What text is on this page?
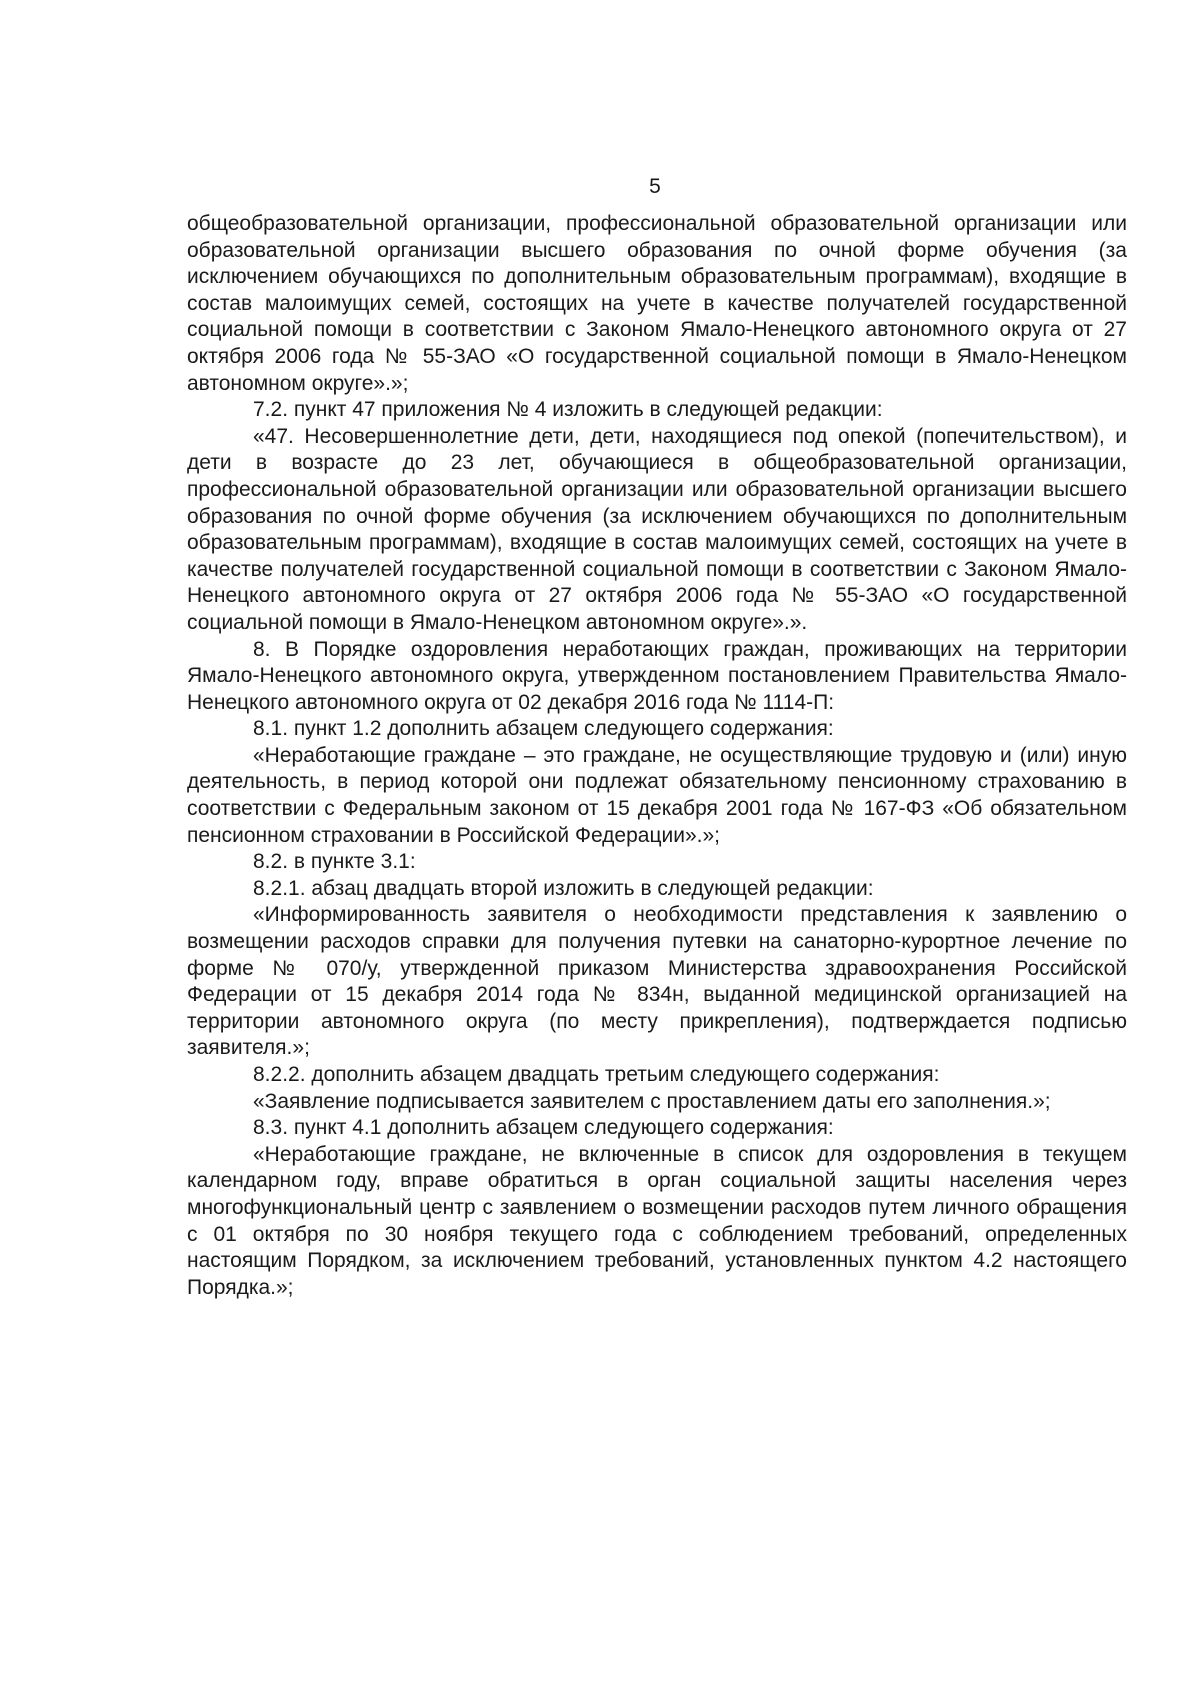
5

общеобразовательной организации, профессиональной образовательной организации или образовательной организации высшего образования по очной форме обучения (за исключением обучающихся по дополнительным образовательным программам), входящие в состав малоимущих семей, состоящих на учете в качестве получателей государственной социальной помощи в соответствии с Законом Ямало-Ненецкого автономного округа от 27 октября 2006 года № 55-ЗАО «О государственной социальной помощи в Ямало-Ненецком автономном округе».»;

7.2. пункт 47 приложения № 4 изложить в следующей редакции:

«47. Несовершеннолетние дети, дети, находящиеся под опекой (попечительством), и дети в возрасте до 23 лет, обучающиеся в общеобразовательной организации, профессиональной образовательной организации или образовательной организации высшего образования по очной форме обучения (за исключением обучающихся по дополнительным образовательным программам), входящие в состав малоимущих семей, состоящих на учете в качестве получателей государственной социальной помощи в соответствии с Законом Ямало-Ненецкого автономного округа от 27 октября 2006 года № 55-ЗАО «О государственной социальной помощи в Ямало-Ненецком автономном округе».».

8. В Порядке оздоровления неработающих граждан, проживающих на территории Ямало-Ненецкого автономного округа, утвержденном постановлением Правительства Ямало-Ненецкого автономного округа от 02 декабря 2016 года № 1114-П:

8.1. пункт 1.2 дополнить абзацем следующего содержания:

«Неработающие граждане – это граждане, не осуществляющие трудовую и (или) иную деятельность, в период которой они подлежат обязательному пенсионному страхованию в соответствии с Федеральным законом от 15 декабря 2001 года № 167-ФЗ «Об обязательном пенсионном страховании в Российской Федерации».»;

8.2. в пункте 3.1:

8.2.1. абзац двадцать второй изложить в следующей редакции:

«Информированность заявителя о необходимости представления к заявлению о возмещении расходов справки для получения путевки на санаторно-курортное лечение по форме № 070/у, утвержденной приказом Министерства здравоохранения Российской Федерации от 15 декабря 2014 года № 834н, выданной медицинской организацией на территории автономного округа (по месту прикрепления), подтверждается подписью заявителя.»;

8.2.2. дополнить абзацем двадцать третьим следующего содержания:

«Заявление подписывается заявителем с проставлением даты его заполнения.»;

8.3. пункт 4.1 дополнить абзацем следующего содержания:

«Неработающие граждане, не включенные в список для оздоровления в текущем календарном году, вправе обратиться в орган социальной защиты населения через многофункциональный центр с заявлением о возмещении расходов путем личного обращения с 01 октября по 30 ноября текущего года с соблюдением требований, определенных настоящим Порядком, за исключением требований, установленных пунктом 4.2 настоящего Порядка.»;
